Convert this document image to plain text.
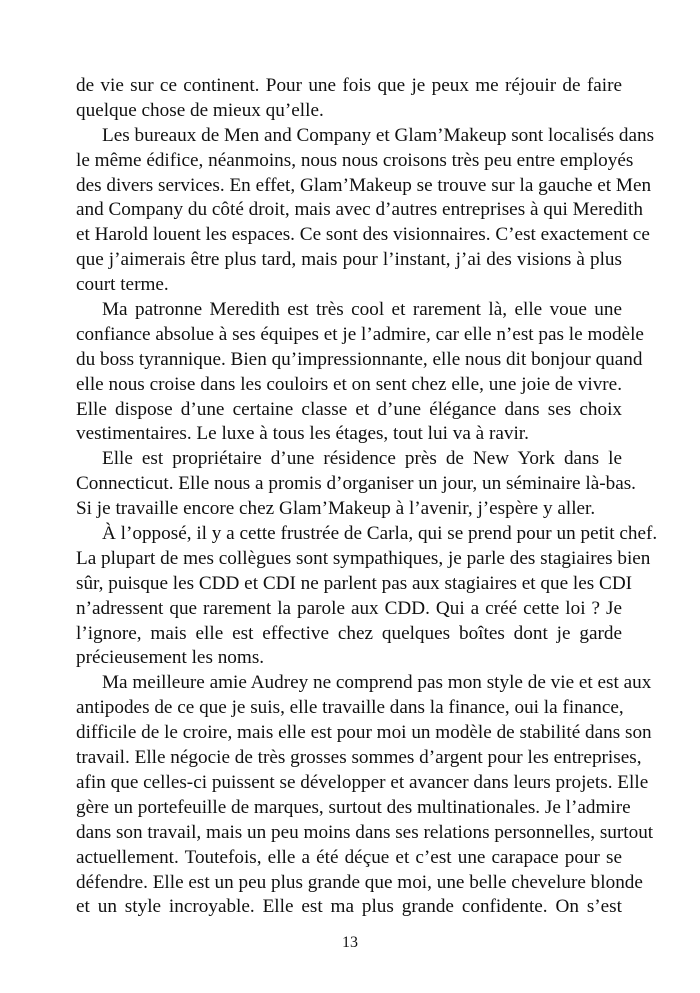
de vie sur ce continent. Pour une fois que je peux me réjouir de faire
quelque chose de mieux qu’elle.
Les bureaux de Men and Company et Glam’Makeup sont localisés dans
le même édifice, néanmoins, nous nous croisons très peu entre employés
des divers services. En effet, Glam’Makeup se trouve sur la gauche et Men
and Company du côté droit, mais avec d’autres entreprises à qui Meredith
et Harold louent les espaces. Ce sont des visionnaires. C’est exactement ce
que j’aimerais être plus tard, mais pour l’instant, j’ai des visions à plus
court terme.
Ma patronne Meredith est très cool et rarement là, elle voue une
confiance absolue à ses équipes et je l’admire, car elle n’est pas le modèle
du boss tyrannique. Bien qu’impressionnante, elle nous dit bonjour quand
elle nous croise dans les couloirs et on sent chez elle, une joie de vivre.
Elle dispose d’une certaine classe et d’une élégance dans ses choix
vestimentaires. Le luxe à tous les étages, tout lui va à ravir.
Elle est propriétaire d’une résidence près de New York dans le
Connecticut. Elle nous a promis d’organiser un jour, un séminaire là-bas.
Si je travaille encore chez Glam’Makeup à l’avenir, j’espère y aller.
À l’opposé, il y a cette frustrée de Carla, qui se prend pour un petit chef.
La plupart de mes collègues sont sympathiques, je parle des stagiaires bien
sûr, puisque les CDD et CDI ne parlent pas aux stagiaires et que les CDI
n’adressent que rarement la parole aux CDD. Qui a créé cette loi ? Je
l’ignore, mais elle est effective chez quelques boîtes dont je garde
précieusement les noms.
Ma meilleure amie Audrey ne comprend pas mon style de vie et est aux
antipodes de ce que je suis, elle travaille dans la finance, oui la finance,
difficile de le croire, mais elle est pour moi un modèle de stabilité dans son
travail. Elle négocie de très grosses sommes d’argent pour les entreprises,
afin que celles-ci puissent se développer et avancer dans leurs projets. Elle
gère un portefeuille de marques, surtout des multinationales. Je l’admire
dans son travail, mais un peu moins dans ses relations personnelles, surtout
actuellement. Toutefois, elle a été déçue et c’est une carapace pour se
défendre. Elle est un peu plus grande que moi, une belle chevelure blonde
et un style incroyable. Elle est ma plus grande confidente. On s’est
13
